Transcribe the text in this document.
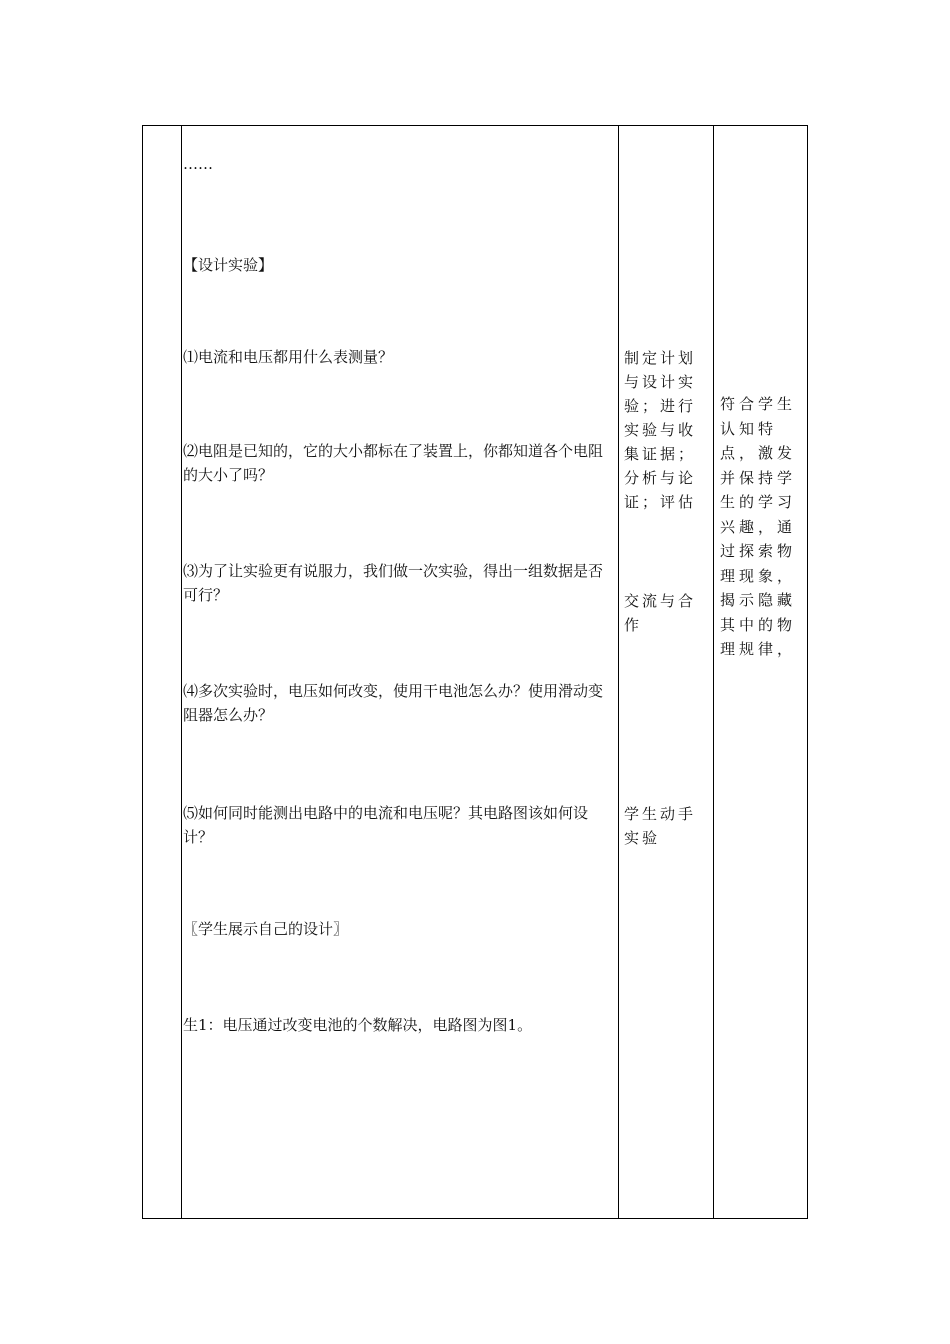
……
【设计实验】
⑴电流和电压都用什么表测量？
⑵电阻是已知的，它的大小都标在了装置上，你都知道各个电阻的大小了吗？
⑶为了让实验更有说服力，我们做一次实验，得出一组数据是否可行？
⑷多次实验时，电压如何改变，使用干电池怎么办？使用滑动变阻器怎么办？
⑸如何同时能测出电路中的电流和电压呢？其电路图该如何设计？
〖学生展示自己的设计〗
生1：电压通过改变电池的个数解决，电路图为图1。
制定计划与设计实验；进行实验与收集证据；分析与论证；评估
交流与合作
学生动手实验
符合学生认知特点，激发并保持学生的学习兴趣，通过探索物理现象，揭示隐藏其中的物理规律，
